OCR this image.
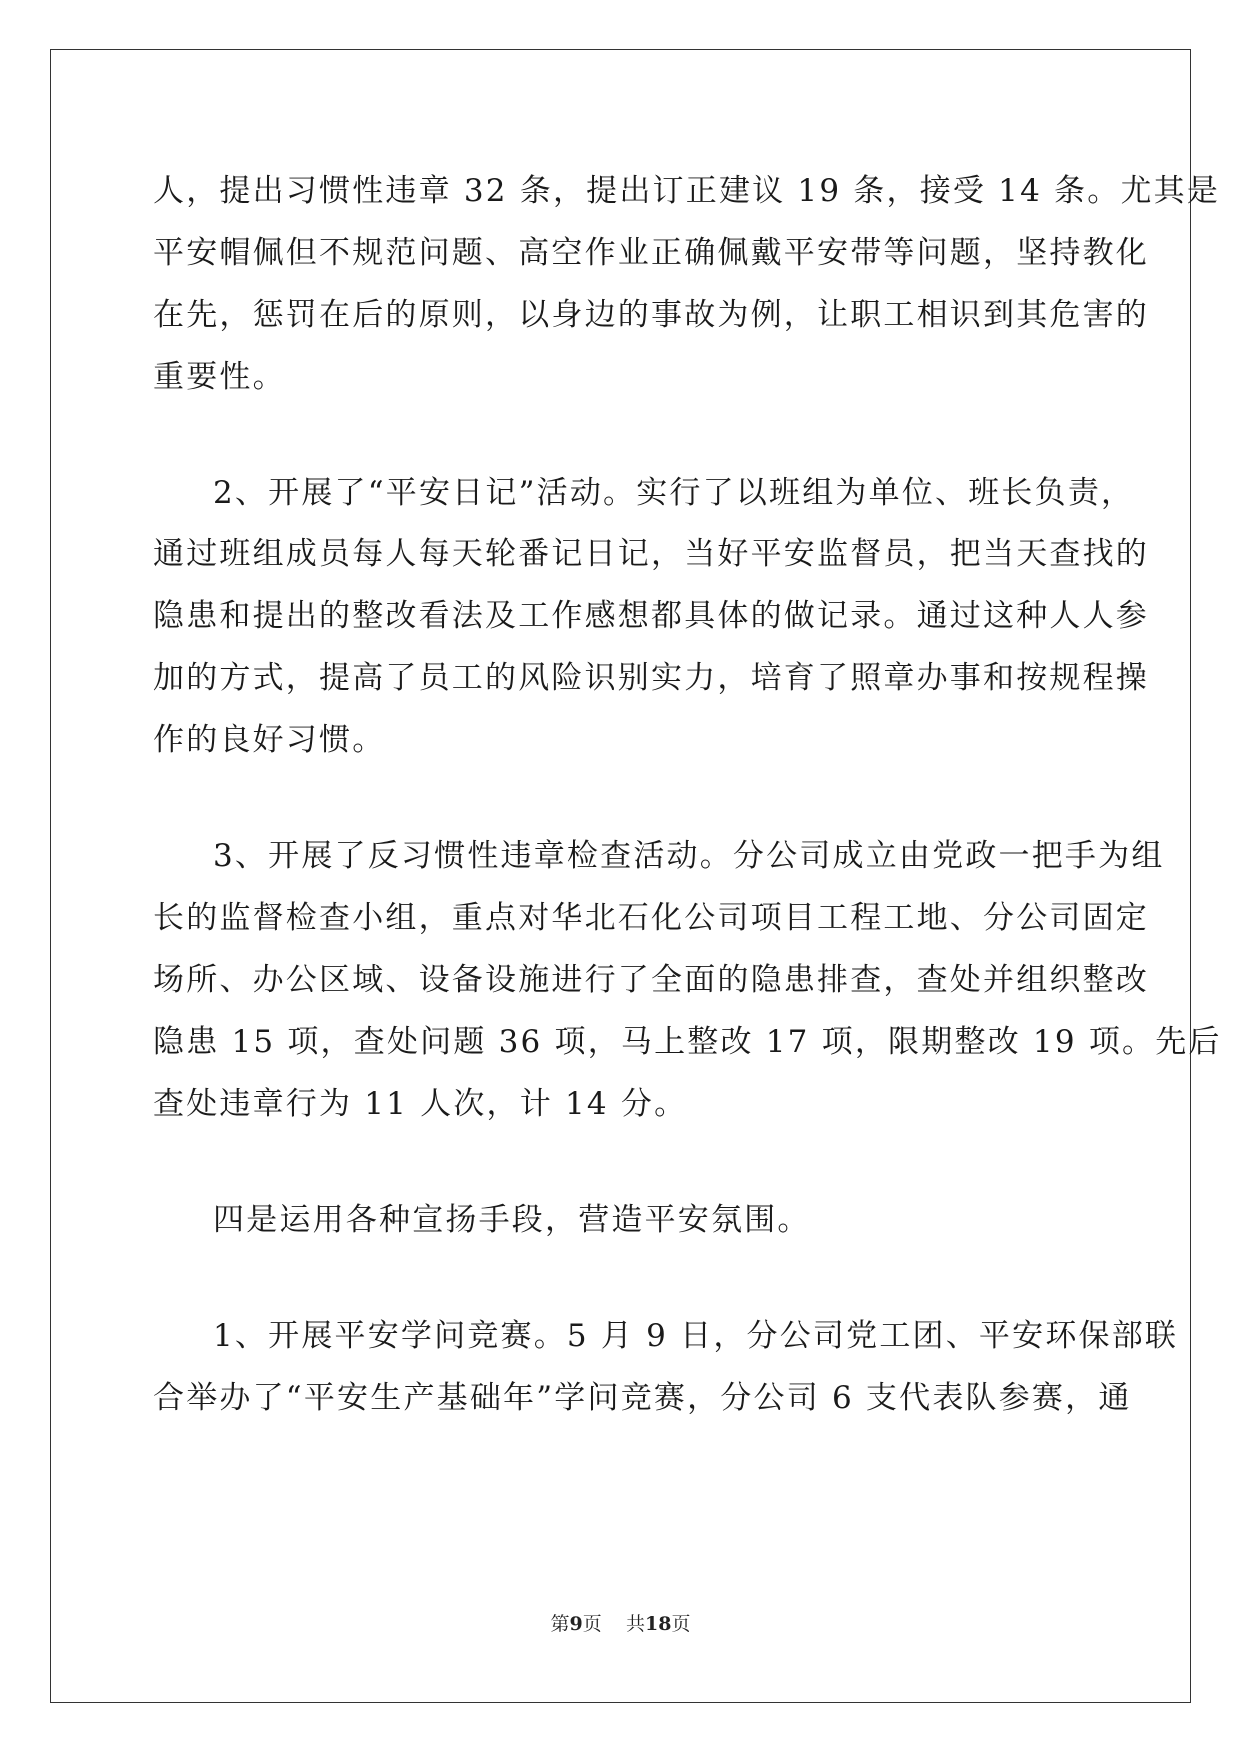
人，提出习惯性违章 32 条，提出订正建议 19 条，接受 14 条。尤其是
平安帽佩但不规范问题、高空作业正确佩戴平安带等问题，坚持教化
在先，惩罚在后的原则，以身边的事故为例，让职工相识到其危害的
重要性。
2、开展了“平安日记”活动。实行了以班组为单位、班长负责，
通过班组成员每人每天轮番记日记，当好平安监督员，把当天查找的
隐患和提出的整改看法及工作感想都具体的做记录。通过这种人人参
加的方式，提高了员工的风险识别实力，培育了照章办事和按规程操
作的良好习惯。
3、开展了反习惯性违章检查活动。分公司成立由党政一把手为组
长的监督检查小组，重点对华北石化公司项目工程工地、分公司固定
场所、办公区域、设备设施进行了全面的隐患排查，查处并组织整改
隐患 15 项，查处问题 36 项，马上整改 17 项，限期整改 19 项。先后
查处违章行为 11 人次，计 14 分。
四是运用各种宣扬手段，营造平安氛围。
1、开展平安学问竞赛。5 月 9 日，分公司党工团、平安环保部联
合举办了“平安生产基础年”学问竞赛，分公司 6 支代表队参赛，通
第9页 共18页
